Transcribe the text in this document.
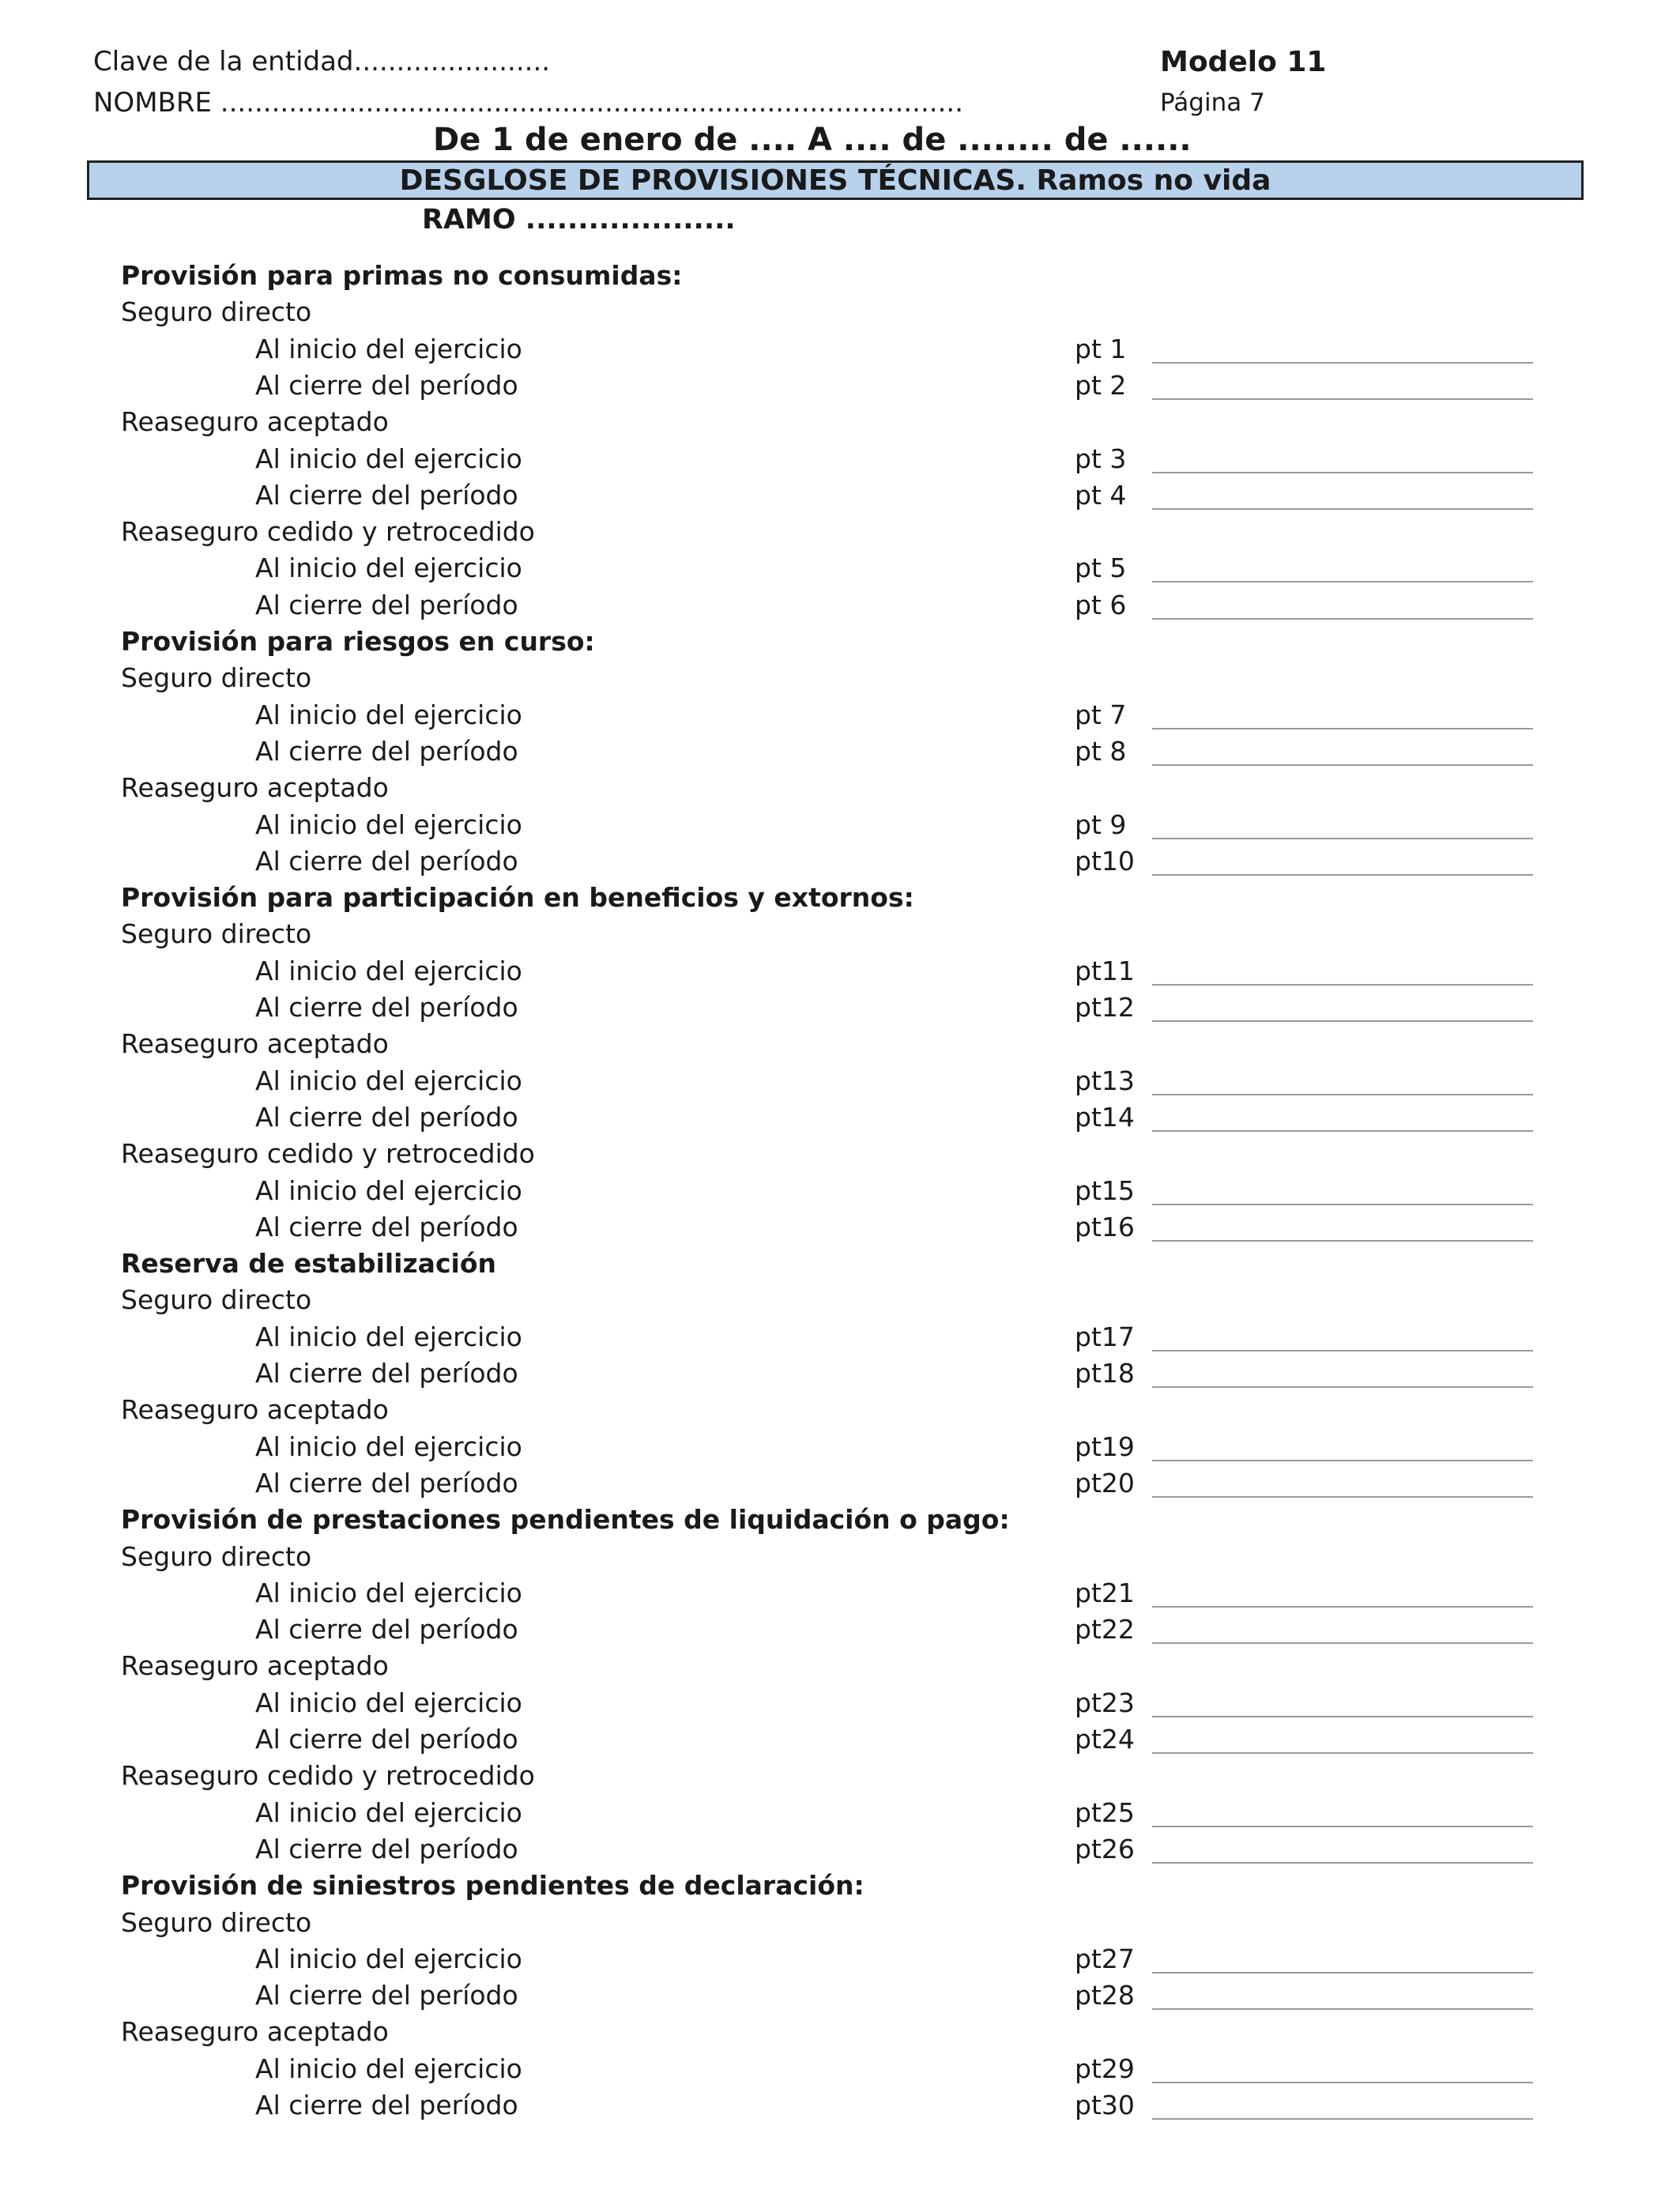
Clave de la entidad.......................
NOMBRE .......................................................................................
Modelo 11
Página 7
De 1 de enero de .... A .... de ........ de ......
DESGLOSE DE PROVISIONES TÉCNICAS. Ramos no vida
RAMO ....................
Provisión para primas no consumidas:
Seguro directo
Al inicio del ejercicio	pt 1
Al cierre del período	pt 2
Reaseguro aceptado
Al inicio del ejercicio	pt 3
Al cierre del período	pt 4
Reaseguro cedido y retrocedido
Al inicio del ejercicio	pt 5
Al cierre del período	pt 6
Provisión para riesgos en curso:
Seguro directo
Al inicio del ejercicio	pt 7
Al cierre del período	pt 8
Reaseguro aceptado
Al inicio del ejercicio	pt 9
Al cierre del período	pt10
Provisión para participación en beneficios y extornos:
Seguro directo
Al inicio del ejercicio	pt11
Al cierre del período	pt12
Reaseguro aceptado
Al inicio del ejercicio	pt13
Al cierre del período	pt14
Reaseguro cedido y retrocedido
Al inicio del ejercicio	pt15
Al cierre del período	pt16
Reserva de estabilización
Seguro directo
Al inicio del ejercicio	pt17
Al cierre del período	pt18
Reaseguro aceptado
Al inicio del ejercicio	pt19
Al cierre del período	pt20
Provisión de prestaciones pendientes de liquidación o pago:
Seguro directo
Al inicio del ejercicio	pt21
Al cierre del período	pt22
Reaseguro aceptado
Al inicio del ejercicio	pt23
Al cierre del período	pt24
Reaseguro cedido y retrocedido
Al inicio del ejercicio	pt25
Al cierre del período	pt26
Provisión de siniestros pendientes de declaración:
Seguro directo
Al inicio del ejercicio	pt27
Al cierre del período	pt28
Reaseguro aceptado
Al inicio del ejercicio	pt29
Al cierre del período	pt30
